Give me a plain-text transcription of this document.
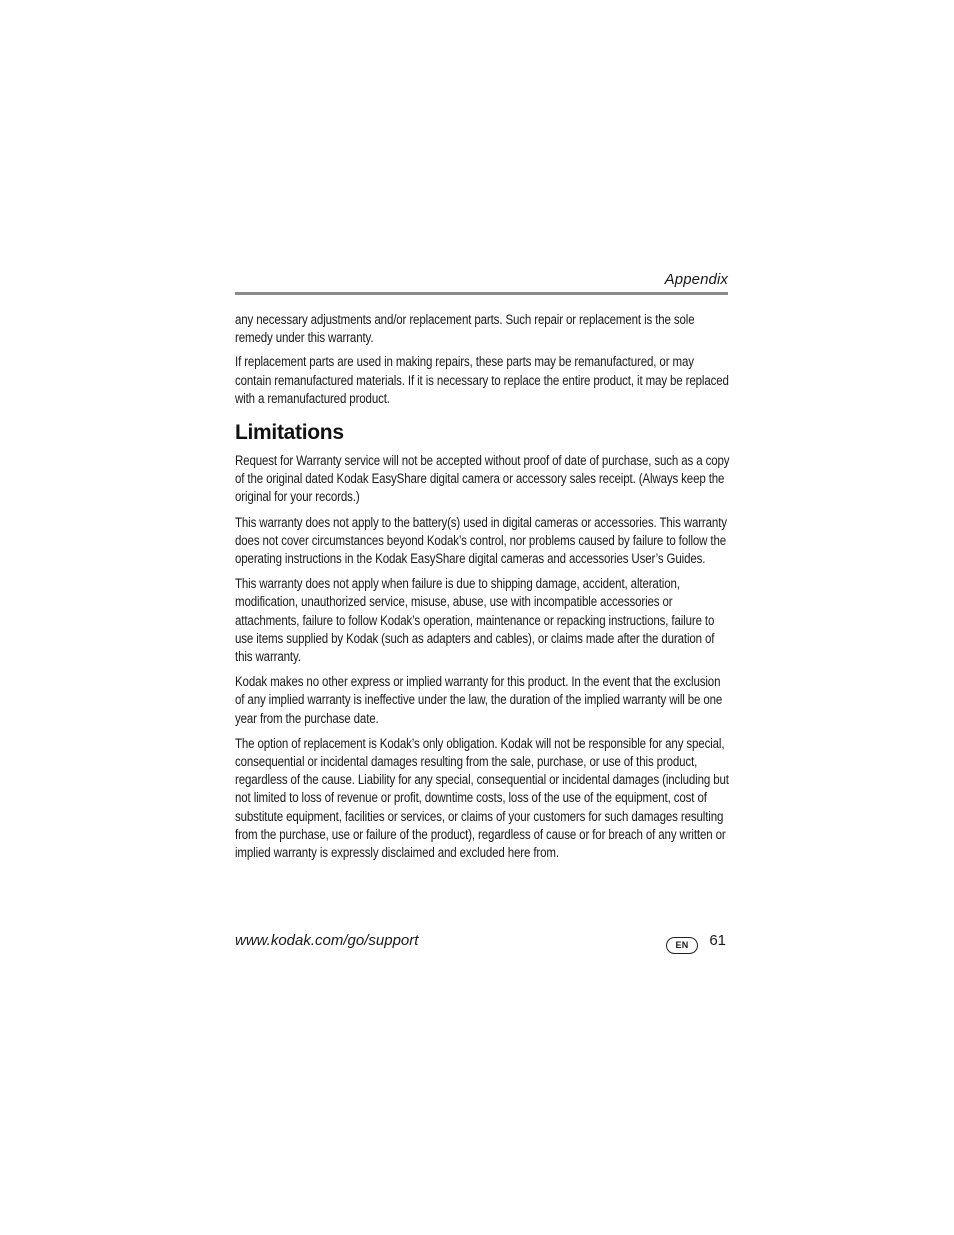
Appendix

any necessary adjustments and/or replacement parts. Such repair or replacement is the sole remedy under this warranty.

If replacement parts are used in making repairs, these parts may be remanufactured, or may contain remanufactured materials. If it is necessary to replace the entire product, it may be replaced with a remanufactured product.

Limitations

Request for Warranty service will not be accepted without proof of date of purchase, such as a copy of the original dated Kodak EasyShare digital camera or accessory sales receipt. (Always keep the original for your records.)

This warranty does not apply to the battery(s) used in digital cameras or accessories. This warranty does not cover circumstances beyond Kodak’s control, nor problems caused by failure to follow the operating instructions in the Kodak EasyShare digital cameras and accessories User’s Guides.

This warranty does not apply when failure is due to shipping damage, accident, alteration, modification, unauthorized service, misuse, abuse, use with incompatible accessories or attachments, failure to follow Kodak’s operation, maintenance or repacking instructions, failure to use items supplied by Kodak (such as adapters and cables), or claims made after the duration of this warranty.

Kodak makes no other express or implied warranty for this product. In the event that the exclusion of any implied warranty is ineffective under the law, the duration of the implied warranty will be one year from the purchase date.

The option of replacement is Kodak’s only obligation. Kodak will not be responsible for any special, consequential or incidental damages resulting from the sale, purchase, or use of this product, regardless of the cause. Liability for any special, consequential or incidental damages (including but not limited to loss of revenue or profit, downtime costs, loss of the use of the equipment, cost of substitute equipment, facilities or services, or claims of your customers for such damages resulting from the purchase, use or failure of the product), regardless of cause or for breach of any written or implied warranty is expressly disclaimed and excluded here from.

www.kodak.com/go/support	EN	61
